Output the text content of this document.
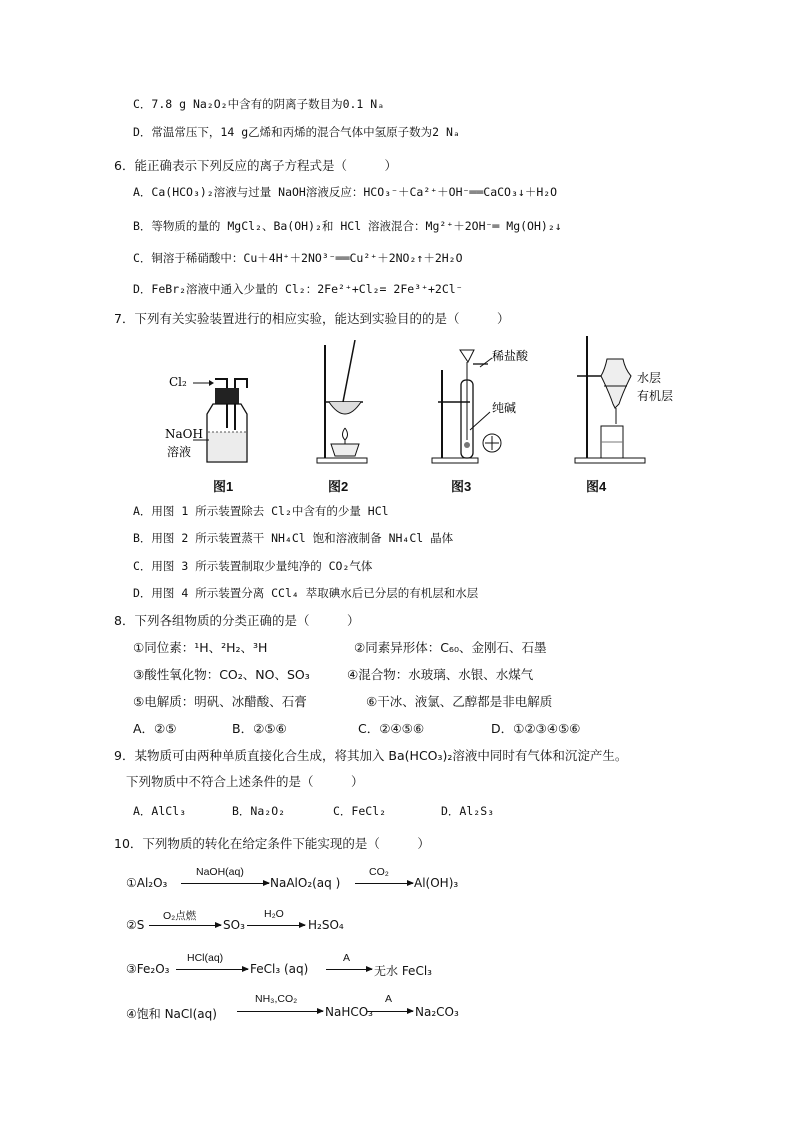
C．7.8 g Na₂O₂中含有的阴离子数目为0.1 Nₐ
D．常温常压下，14 g乙烯和丙烯的混合气体中氢原子数为2 Nₐ
6．能正确表示下列反应的离子方程式是（　　　）
A．Ca(HCO₃)₂溶液与过量 NaOH溶液反应：HCO₃⁻＋Ca²⁺＋OH⁻══CaCO₃↓＋H₂O
B．等物质的量的 MgCl₂、Ba(OH)₂和 HCl 溶液混合：Mg²⁺＋2OH⁻═ Mg(OH)₂↓
C．铜溶于稀硝酸中：Cu＋4H⁺＋2NO³⁻══Cu²⁺＋2NO₂↑＋2H₂O
D．FeBr₂溶液中通入少量的 Cl₂：2Fe²⁺+Cl₂= 2Fe³⁺+2Cl⁻
7．下列有关实验装置进行的相应实验，能达到实验目的的是（　　　）
Cl₂
NaOH
溶液
稀盐酸
纯碱
水层
有机层
图1	图2	图3	图4
A．用图 1 所示装置除去 Cl₂中含有的少量 HCl
B．用图 2 所示装置蒸干 NH₄Cl 饱和溶液制备 NH₄Cl 晶体
C．用图 3 所示装置制取少量纯净的 CO₂气体
D．用图 4 所示装置分离 CCl₄ 萃取碘水后已分层的有机层和水层
8．下列各组物质的分类正确的是（　　　）
①同位素：¹H、²H₂、³H	②同素异形体：C₆₀、金刚石、石墨
③酸性氧化物：CO₂、NO、SO₃	④混合物：水玻璃、水银、水煤气
⑤电解质：明矾、冰醋酸、石膏	⑥干冰、液氯、乙醇都是非电解质
A．②⑤	B．②⑤⑥	C．②④⑤⑥	D．①②③④⑤⑥
9．某物质可由两种单质直接化合生成，将其加入 Ba(HCO₃)₂溶液中同时有气体和沉淀产生。
下列物质中不符合上述条件的是（　　　）
A．AlCl₃	B．Na₂O₂	C．FeCl₂	D．Al₂S₃
10．下列物质的转化在给定条件下能实现的是（　　　）
①Al₂O₃
NaOH(aq)
NaAlO₂(aq )
CO₂
Al(OH)₃
②S
O₂点燃
SO₃
H₂O
H₂SO₄
③Fe₂O₃
HCl(aq)
FeCl₃ (aq)
A
无水 FeCl₃
④饱和 NaCl(aq)
NH₃,CO₂
NaHCO₃
A
Na₂CO₃
